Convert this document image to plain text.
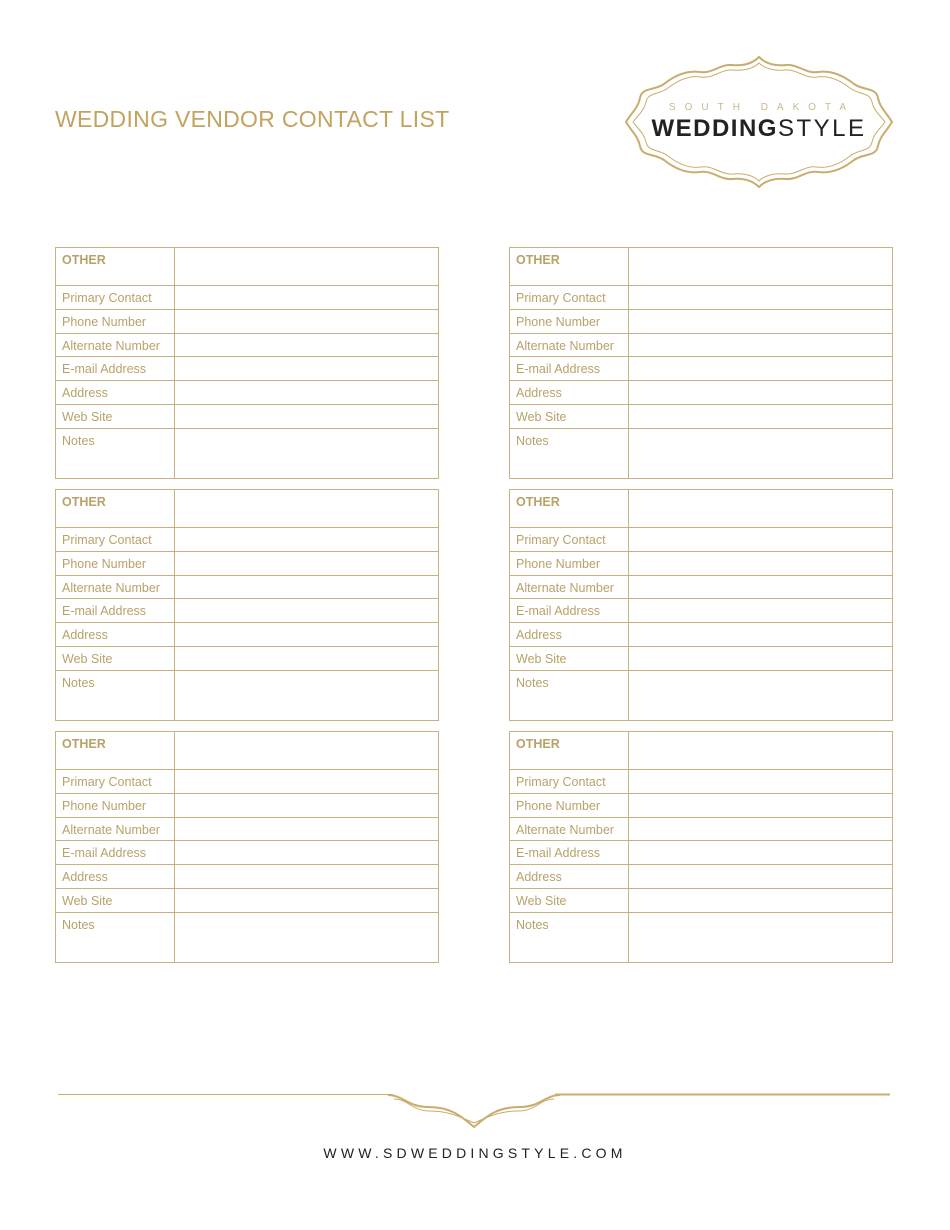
WEDDING VENDOR CONTACT LIST	SOUTH DAKOTA
WEDDINGSTYLE
OTHER
Primary Contact
Phone Number
Alternate Number
E-mail Address
Address
Web Site
Notes
OTHER
Primary Contact
Phone Number
Alternate Number
E-mail Address
Address
Web Site
Notes
OTHER
Primary Contact
Phone Number
Alternate Number
E-mail Address
Address
Web Site
Notes
OTHER
Primary Contact
Phone Number
Alternate Number
E-mail Address
Address
Web Site
Notes
OTHER
Primary Contact
Phone Number
Alternate Number
E-mail Address
Address
Web Site
Notes
OTHER
Primary Contact
Phone Number
Alternate Number
E-mail Address
Address
Web Site
Notes
WWW.SDWEDDINGSTYLE.COM
